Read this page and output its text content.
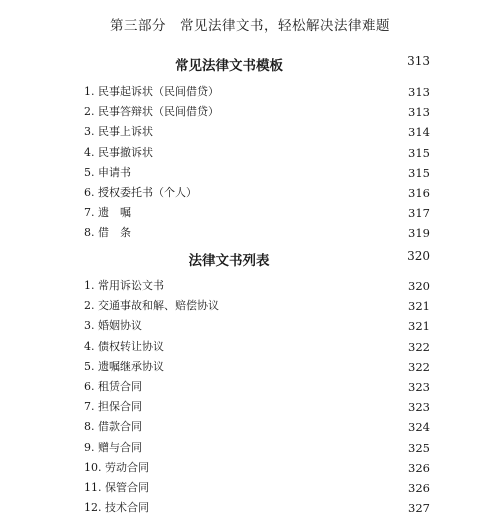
第三部分 常见法律文书，轻松解决法律难题
常见法律文书模板	313
1. 民事起诉状（民间借贷）	313
2. 民事答辩状（民间借贷）	313
3. 民事上诉状	314
4. 民事撤诉状	315
5. 申请书	315
6. 授权委托书（个人）	316
7. 遗　嘱	317
8. 借　条	319
法律文书列表	320
1. 常用诉讼文书	320
2. 交通事故和解、赔偿协议	321
3. 婚姻协议	321
4. 债权转让协议	322
5. 遗嘱继承协议	322
6. 租赁合同	323
7. 担保合同	323
8. 借款合同	324
9. 赠与合同	325
10. 劳动合同	326
11. 保管合同	326
12. 技术合同	327
